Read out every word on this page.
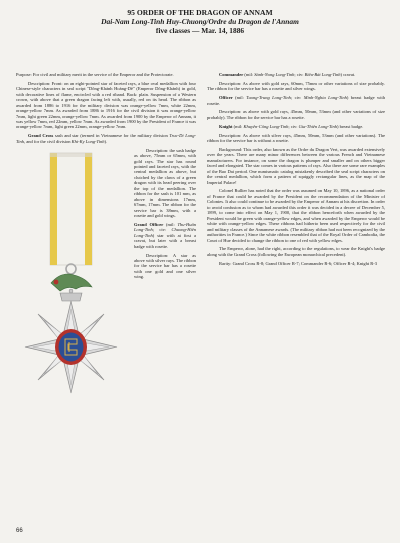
95 ORDER OF THE DRAGON OF ANNAM
Dai-Nam Long-Tinh Huy-Chuong/Ordre du Dragon de l'Annam
five classes — Mar. 14, 1886

Purpose: For civil and military merit in the service of the Emperor and the Protectorate.

Description: Front: on an eight-pointed star of faceted rays, a blue oval medallion with four Chinese-style characters in seal script "Dông-Khánh Hoàng-Dê" (Emperor Dông-Khánh) in gold, with decorative lines of flame, encircled with a red riband. Back: plain. Suspension of a Western crown, with above that a green dragon facing left with, usually, red on its head. The ribbon as awarded from 1886 to 1916 for the military division was orange-yellow 7mm, white 22mm, orange-yellow 7mm. As awarded from 1886 to 1916 for the civil division it was orange-yellow 7mm, light green 22mm, orange-yellow 7mm. As awarded from 1900 by the Emperor of Annam, it was yellow 7mm, red 22mm, yellow 7mm. As awarded from 1900 by the President of France it was orange-yellow 7mm, light green 22mm, orange-yellow 7mm.

Grand Cross sash and star (termed in Vietnamese for the military division Truc-Di Long-Tinh, and for the civil division Khi-Ky Long-Tinh).

Description: the sash badge as above, 75mm or 65mm, with gold rays. The star has round pointed and faceted rays, with the central medallion as above, but clutched by the claws of a green dragon with its head peering over the top of the medallion. The ribbon for the sash is 101 mm, as above in dimensions 17mm, 67mm, 17mm. The ribbon for the service bar is 38mm, with a rosette and gold wings.

Grand Officer (mil: Thu-Huân Long-Tinh; civ: Chuong-Hiên Long-Tinh) star with at first a cravat, but later with a breast badge with rosette.

Description: A star as above with silver rays. The ribbon for the service bar has a rosette with one gold and one silver wing.

Commander (mil: Sành-Nong Long-Tinh; civ: Biêu-Bát Long-Tinh) cravat.

Description: As above with gold rays, 60mm, 75mm or other variations of size probably. The ribbon for the service bar has a rosette and silver wings.

Officer (mil: Tuong-Trung Long-Tinh; civ: Minh-Nghia Long-Tinh) breast badge with rosette.

Description: as above with gold rays, 45mm, 50mm, 53mm (and other variations of size probably). The ribbon for the service bar has a rosette.

Knight (mil: Khuyên-Công Long-Tinh; civ: Gia-Thiên Long-Tinh) breast badge.

Description: As above with silver rays, 45mm, 50mm, 53mm (and other variations). The ribbon for the service bar is without a rosette.

Background: This order, also known as the Ordre du Dragon Vert, was awarded extensively over the years. There are many minor differences between the various French and Vietnamese manufacturers. For instance, on some the dragon is plumper and smaller and on others bigger faced and elongated. The star comes in various patterns of rays. Also there are some rare examples of the Bao Dai period. One numismatic catalog mistakenly described the seal script characters on the central medallion, which form a pattern of squiggly rectangular lines, as the map of the Imperial Palace!

Colonel Rullier has noted that the order was assumed on May 10, 1896, as a national order of France that could be awarded by the President on the recommendation of the Minister of Colonies. It also could continue to be awarded by the Emperor of Annam at his discretion. In order to avoid confusion as to whom had awarded this order it was decided in a decree of December 5, 1899, to come into effect on May 1, 1900, that the ribbon henceforth when awarded by the President would be green with orange-yellow edges, and when awarded by the Emperor would be white with orange-yellow edges. These ribbons had hitherto been used respectively for the civil and military classes of the Annamese awards. (The military ribbon had not been recognized by the authorities in France.) Since the white ribbon resembled that of the Royal Order of Cambodia, the Court of Hue decided to change the ribbon to one of red with yellow edges.

The Emperor, alone, had the right, according to the regulations, to wear the Knight's badge along with the Grand Cross (following the European monarchical precedent).

Rarity: Grand Cross R-8; Grand Officer R-7; Commander R-6; Officer R-4; Knight R-3

66
